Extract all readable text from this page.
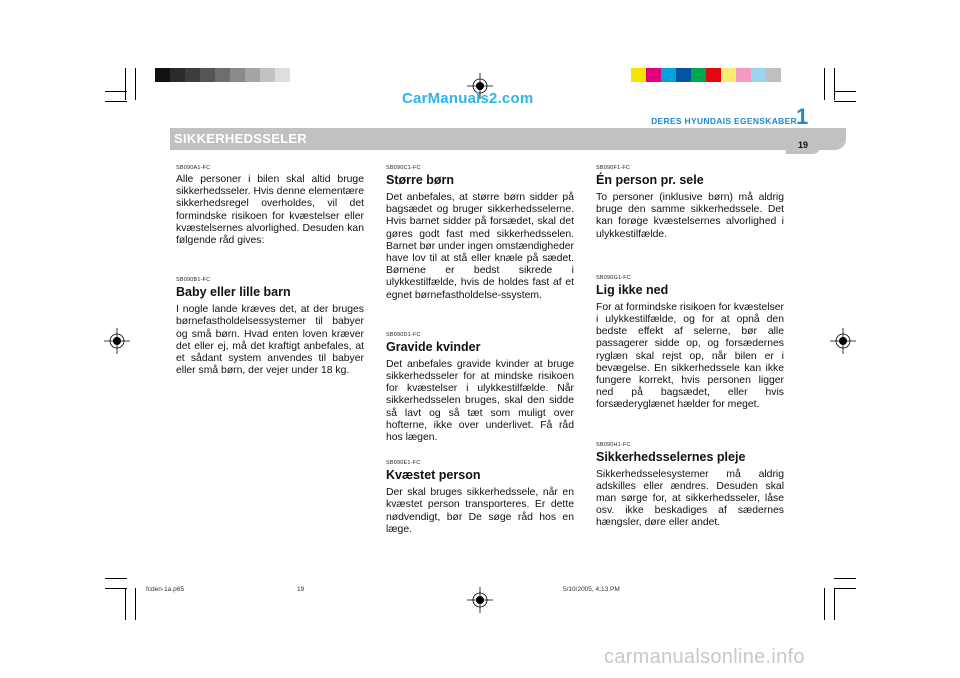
CarManuals2.com
SIKKERHEDSSELER
DERES HYUNDAIS EGENSKABER 1
19
SB090A1-FC
Alle personer i bilen skal altid bruge sikkerhedsseler. Hvis denne elementære sikkerhedsregel overholdes, vil det formindske risikoen for kvæstelser eller kvæstelsernes alvorlighed. Desuden kan følgende råd gives:
SB090B1-FC
Baby eller lille barn
I nogle lande kræves det, at der bruges børnefastholdelsessystemer til babyer og små børn. Hvad enten loven kræver det eller ej, må det kraftigt anbefales, at et sådant system anvendes til babyer eller små børn, der vejer under 18 kg.
SB090C1-FC
Større børn
Det anbefales, at større børn sidder på bagsædet og bruger sikkerhedsselerne. Hvis barnet sidder på forsædet, skal det gøres godt fast med sikkerhedsselen. Barnet bør under ingen omstændigheder have lov til at stå eller knæle på sædet. Børnene er bedst sikrede i ulykkestilfælde, hvis de holdes fast af et egnet børnefastholdelse-ssystem.
SB090D1-FC
Gravide kvinder
Det anbefales gravide kvinder at bruge sikkerhedsseler for at mindske risikoen for kvæstelser i ulykkestilfælde. Når sikkerhedsselen bruges, skal den sidde så lavt og så tæt som muligt over hofterne, ikke over underlivet. Få råd hos lægen.
SB090E1-FC
Kvæstet person
Der skal bruges sikkerhedssele, når en kvæstet person transporteres. Er dette nødvendigt, bør De søge råd hos en læge.
SB090F1-FC
Én person pr. sele
To personer (inklusive børn) må aldrig bruge den samme sikkerhedssele. Det kan forøge kvæstelsernes alvorlighed i ulykkestilfælde.
SB090G1-FC
Lig ikke ned
For at formindske risikoen for kvæstelser i ulykkestilfælde, og for at opnå den bedste effekt af selerne, bør alle passagerer sidde op, og forsædernes ryglæn skal rejst op, når bilen er i bevægelse. En sikkerhedssele kan ikke fungere korrekt, hvis personen ligger ned på bagsædet, eller hvis forsæderyglænet hælder for meget.
SB090H1-FC
Sikkerhedsselernes pleje
Sikkerhedsselesystemer må aldrig adskilles eller ændres. Desuden skal man sørge for, at sikkerhedsseler, låse osv. ikke beskadiges af sædernes hængsler, døre eller andet.
fcden-1a.p65	19	5/10/2005, 4:13 PM
carmanualsonline.info
